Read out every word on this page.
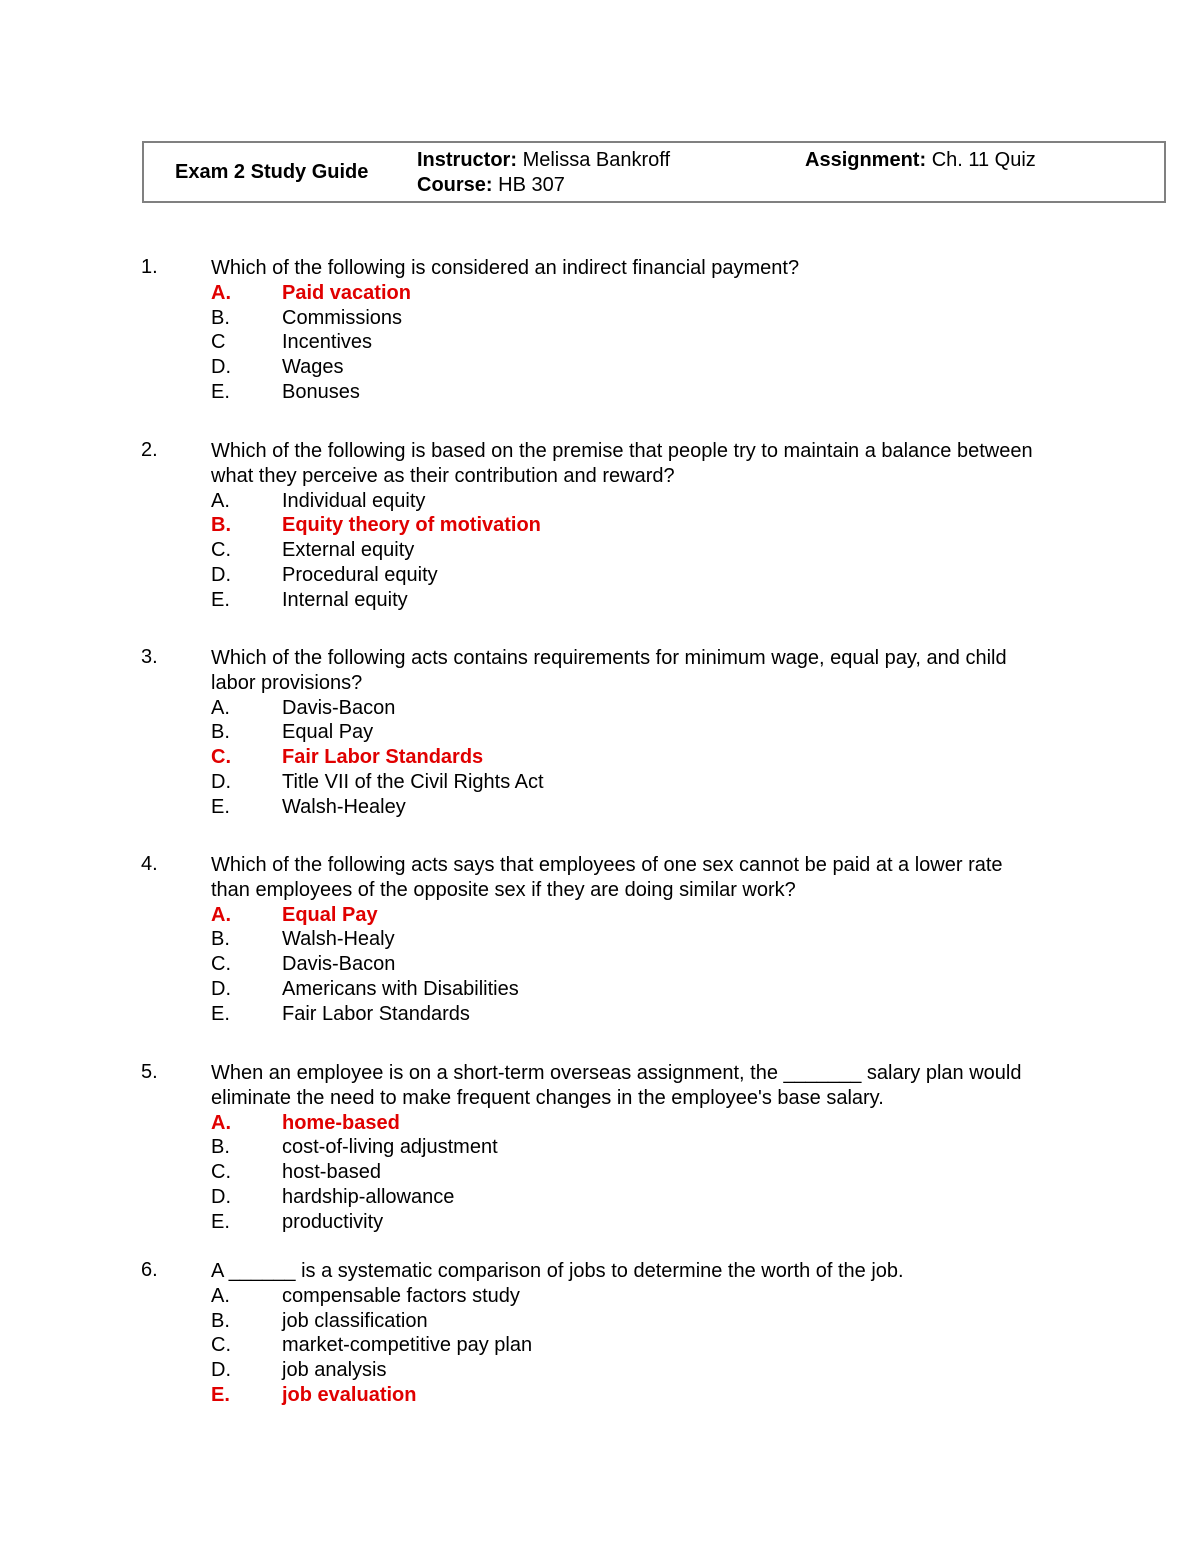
Exam 2 Study Guide
Instructor: Melissa Bankroff
Course: HB 307
Assignment: Ch. 11 Quiz
1.	Which of the following is considered an indirect financial payment?
A.	Paid vacation
B.	Commissions
C	Incentives
D.	Wages
E.	Bonuses
2.	Which of the following is based on the premise that people try to maintain a balance between what they perceive as their contribution and reward?
A.	Individual equity
B.	Equity theory of motivation
C.	External equity
D.	Procedural equity
E.	Internal equity
3.	Which of the following acts contains requirements for minimum wage, equal pay, and child labor provisions?
A.	Davis-Bacon
B.	Equal Pay
C.	Fair Labor Standards
D.	Title VII of the Civil Rights Act
E.	Walsh-Healey
4.	Which of the following acts says that employees of one sex cannot be paid at a lower rate than employees of the opposite sex if they are doing similar work?
A.	Equal Pay
B.	Walsh-Healy
C.	Davis-Bacon
D.	Americans with Disabilities
E.	Fair Labor Standards
5.	When an employee is on a short-term overseas assignment, the _______ salary plan would eliminate the need to make frequent changes in the employee's base salary.
A.	home-based
B.	cost-of-living adjustment
C.	host-based
D.	hardship-allowance
E.	productivity
6.	A ______ is a systematic comparison of jobs to determine the worth of the job.
A.	compensable factors study
B.	job classification
C.	market-competitive pay plan
D.	job analysis
E.	job evaluation
